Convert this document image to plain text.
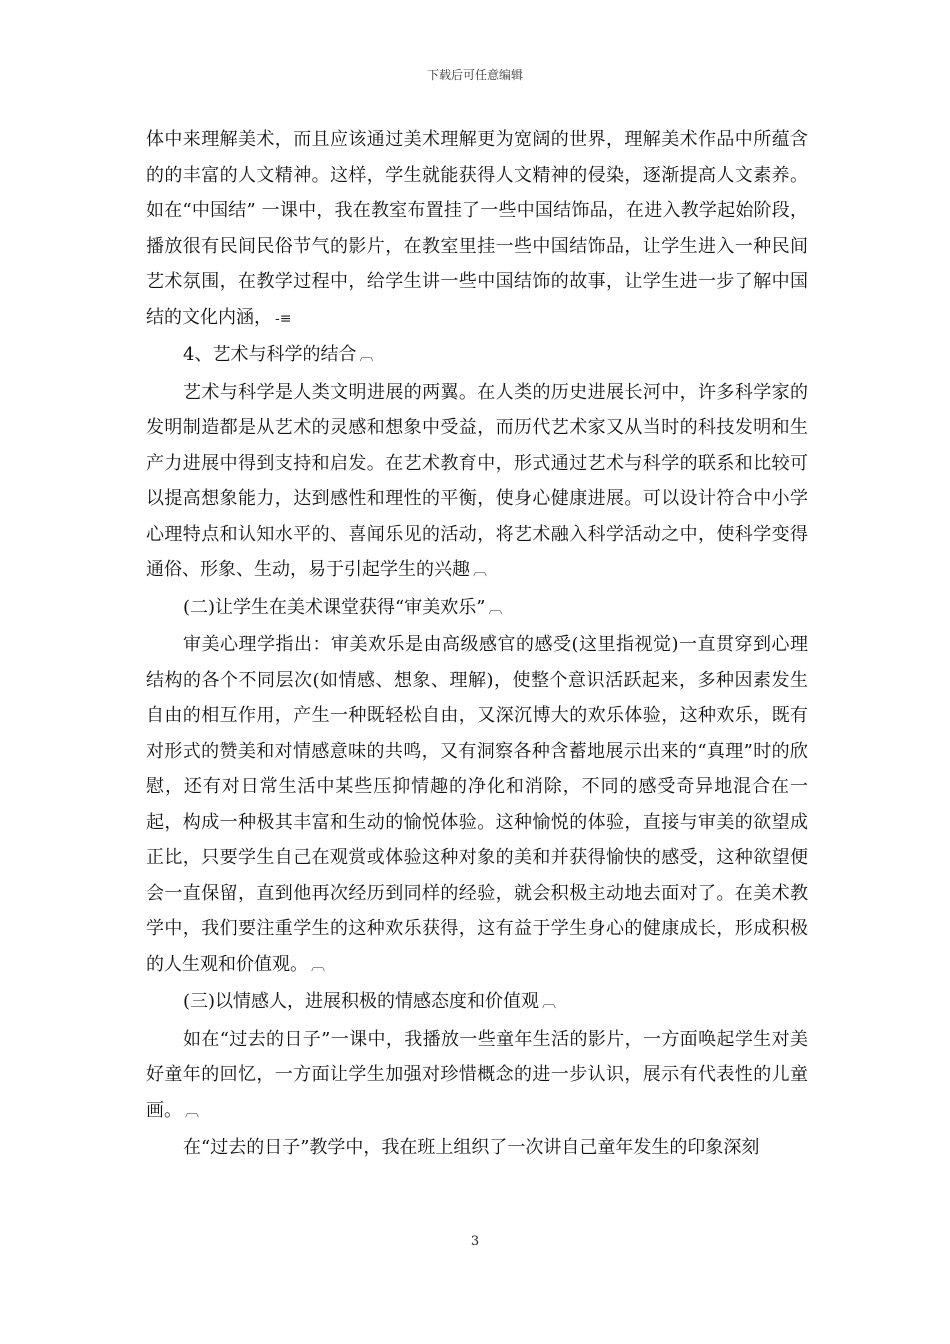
下载后可任意编辑

体中来理解美术，而且应该通过美术理解更为宽阔的世界，理解美术作品中所蕴含的的丰富的人文精神。这样，学生就能获得人文精神的侵染，逐渐提高人文素养。如在“中国结” 一课中，我在教室布置挂了一些中国结饰品，在进入教学起始阶段，播放很有民间民俗节气的影片，在教室里挂一些中国结饰品，让学生进入一种民间艺术氛围，在教学过程中，给学生讲一些中国结饰的故事，让学生进一步了解中国结的文化内涵， -≡

4、艺术与科学的结合 ︹

艺术与科学是人类文明进展的两翼。在人类的历史进展长河中，许多科学家的发明制造都是从艺术的灵感和想象中受益，而历代艺术家又从当时的科技发明和生产力进展中得到支持和启发。在艺术教育中，形式通过艺术与科学的联系和比较可以提高想象能力，达到感性和理性的平衡，使身心健康进展。可以设计符合中小学心理特点和认知水平的、喜闻乐见的活动，将艺术融入科学活动之中，使科学变得通俗、形象、生动，易于引起学生的兴趣 ︹

(二)让学生在美术课堂获得“审美欢乐” ︹

审美心理学指出：审美欢乐是由高级感官的感受(这里指视觉)一直贯穿到心理结构的各个不同层次(如情感、想象、理解)，使整个意识活跃起来，多种因素发生自由的相互作用，产生一种既轻松自由，又深沉博大的欢乐体验，这种欢乐，既有对形式的赞美和对情感意味的共鸣，又有洞察各种含蓄地展示出来的“真理”时的欣慰，还有对日常生活中某些压抑情趣的净化和消除，不同的感受奇异地混合在一起，构成一种极其丰富和生动的愉悦体验。这种愉悦的体验，直接与审美的欲望成正比，只要学生自己在观赏或体验这种对象的美和并获得愉快的感受，这种欲望便会一直保留，直到他再次经历到同样的经验，就会积极主动地去面对了。在美术教学中，我们要注重学生的这种欢乐获得，这有益于学生身心的健康成长，形成积极的人生观和价值观。 ︹

(三)以情感人，进展积极的情感态度和价值观 ︹

如在“过去的日子”一课中，我播放一些童年生活的影片，一方面唤起学生对美好童年的回忆，一方面让学生加强对珍惜概念的进一步认识，展示有代表性的儿童画。 ︹

在“过去的日子”教学中，我在班上组织了一次讲自己童年发生的印象深刻

3
